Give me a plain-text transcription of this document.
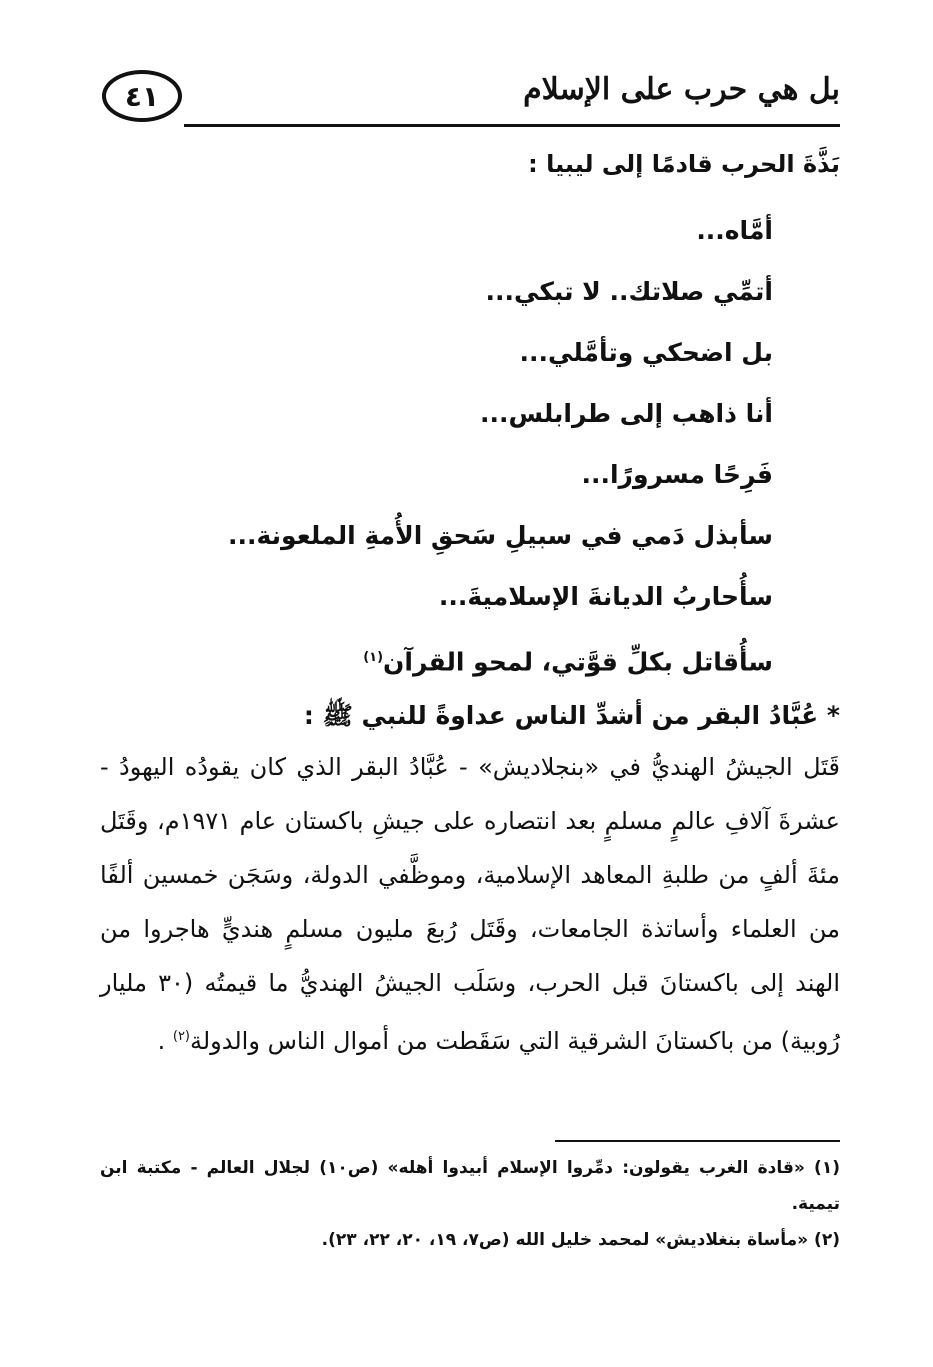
٤١	بل هي حرب على الإسلام
بَذَّةَ الحرب قادمًا إلى ليبيا :
أمَّاه...
أتمِّي صلاتك.. لا تبكي...
بل اضحكي وتأمَّلي...
أنا ذاهب إلى طرابلس...
فَرِحًا مسرورًا...
سأبذل دَمي في سبيلِ سَحقِ الأُمةِ الملعونة...
سأُحاربُ الديانةَ الإسلاميةَ...
سأُقاتل بكلِّ قوَّتي، لمحو القرآن$^{(١)}$
* عُبَّادُ البقر من أشدِّ الناس عداوةً للنبي ﷺ :
قَتَل الجيشُ الهنديُّ في «بنجلاديش» - عُبَّادُ البقر الذي كان يقودُه اليهودُ - عشرةَ آلافِ عالمٍ مسلمٍ بعد انتصاره على جيشِ باكستان عام ١٩٧١م، وقَتَل مئةَ ألفٍ من طلبةِ المعاهد الإسلامية، وموظَّفي الدولة، وسَجَن خمسين ألفًا من العلماء وأساتذة الجامعات، وقَتَل رُبعَ مليون مسلمٍ هنديٍّ هاجروا من الهند إلى باكستانَ قبل الحرب، وسَلَب الجيشُ الهنديُّ ما قيمتُه (٣٠ مليار رُوبية) من باكستانَ الشرقية التي سَقَطت من أموال الناس والدولة$^{(٢)}$ .
(١) «قادة الغرب يقولون: دمِّروا الإسلام أبيدوا أهله» (ص١٠) لجلال العالم - مكتبة ابن تيمية.
(٢) «مأساة بنغلاديش» لمحمد خليل الله (ص٧، ١٩، ٢٠، ٢٢، ٢٣).
